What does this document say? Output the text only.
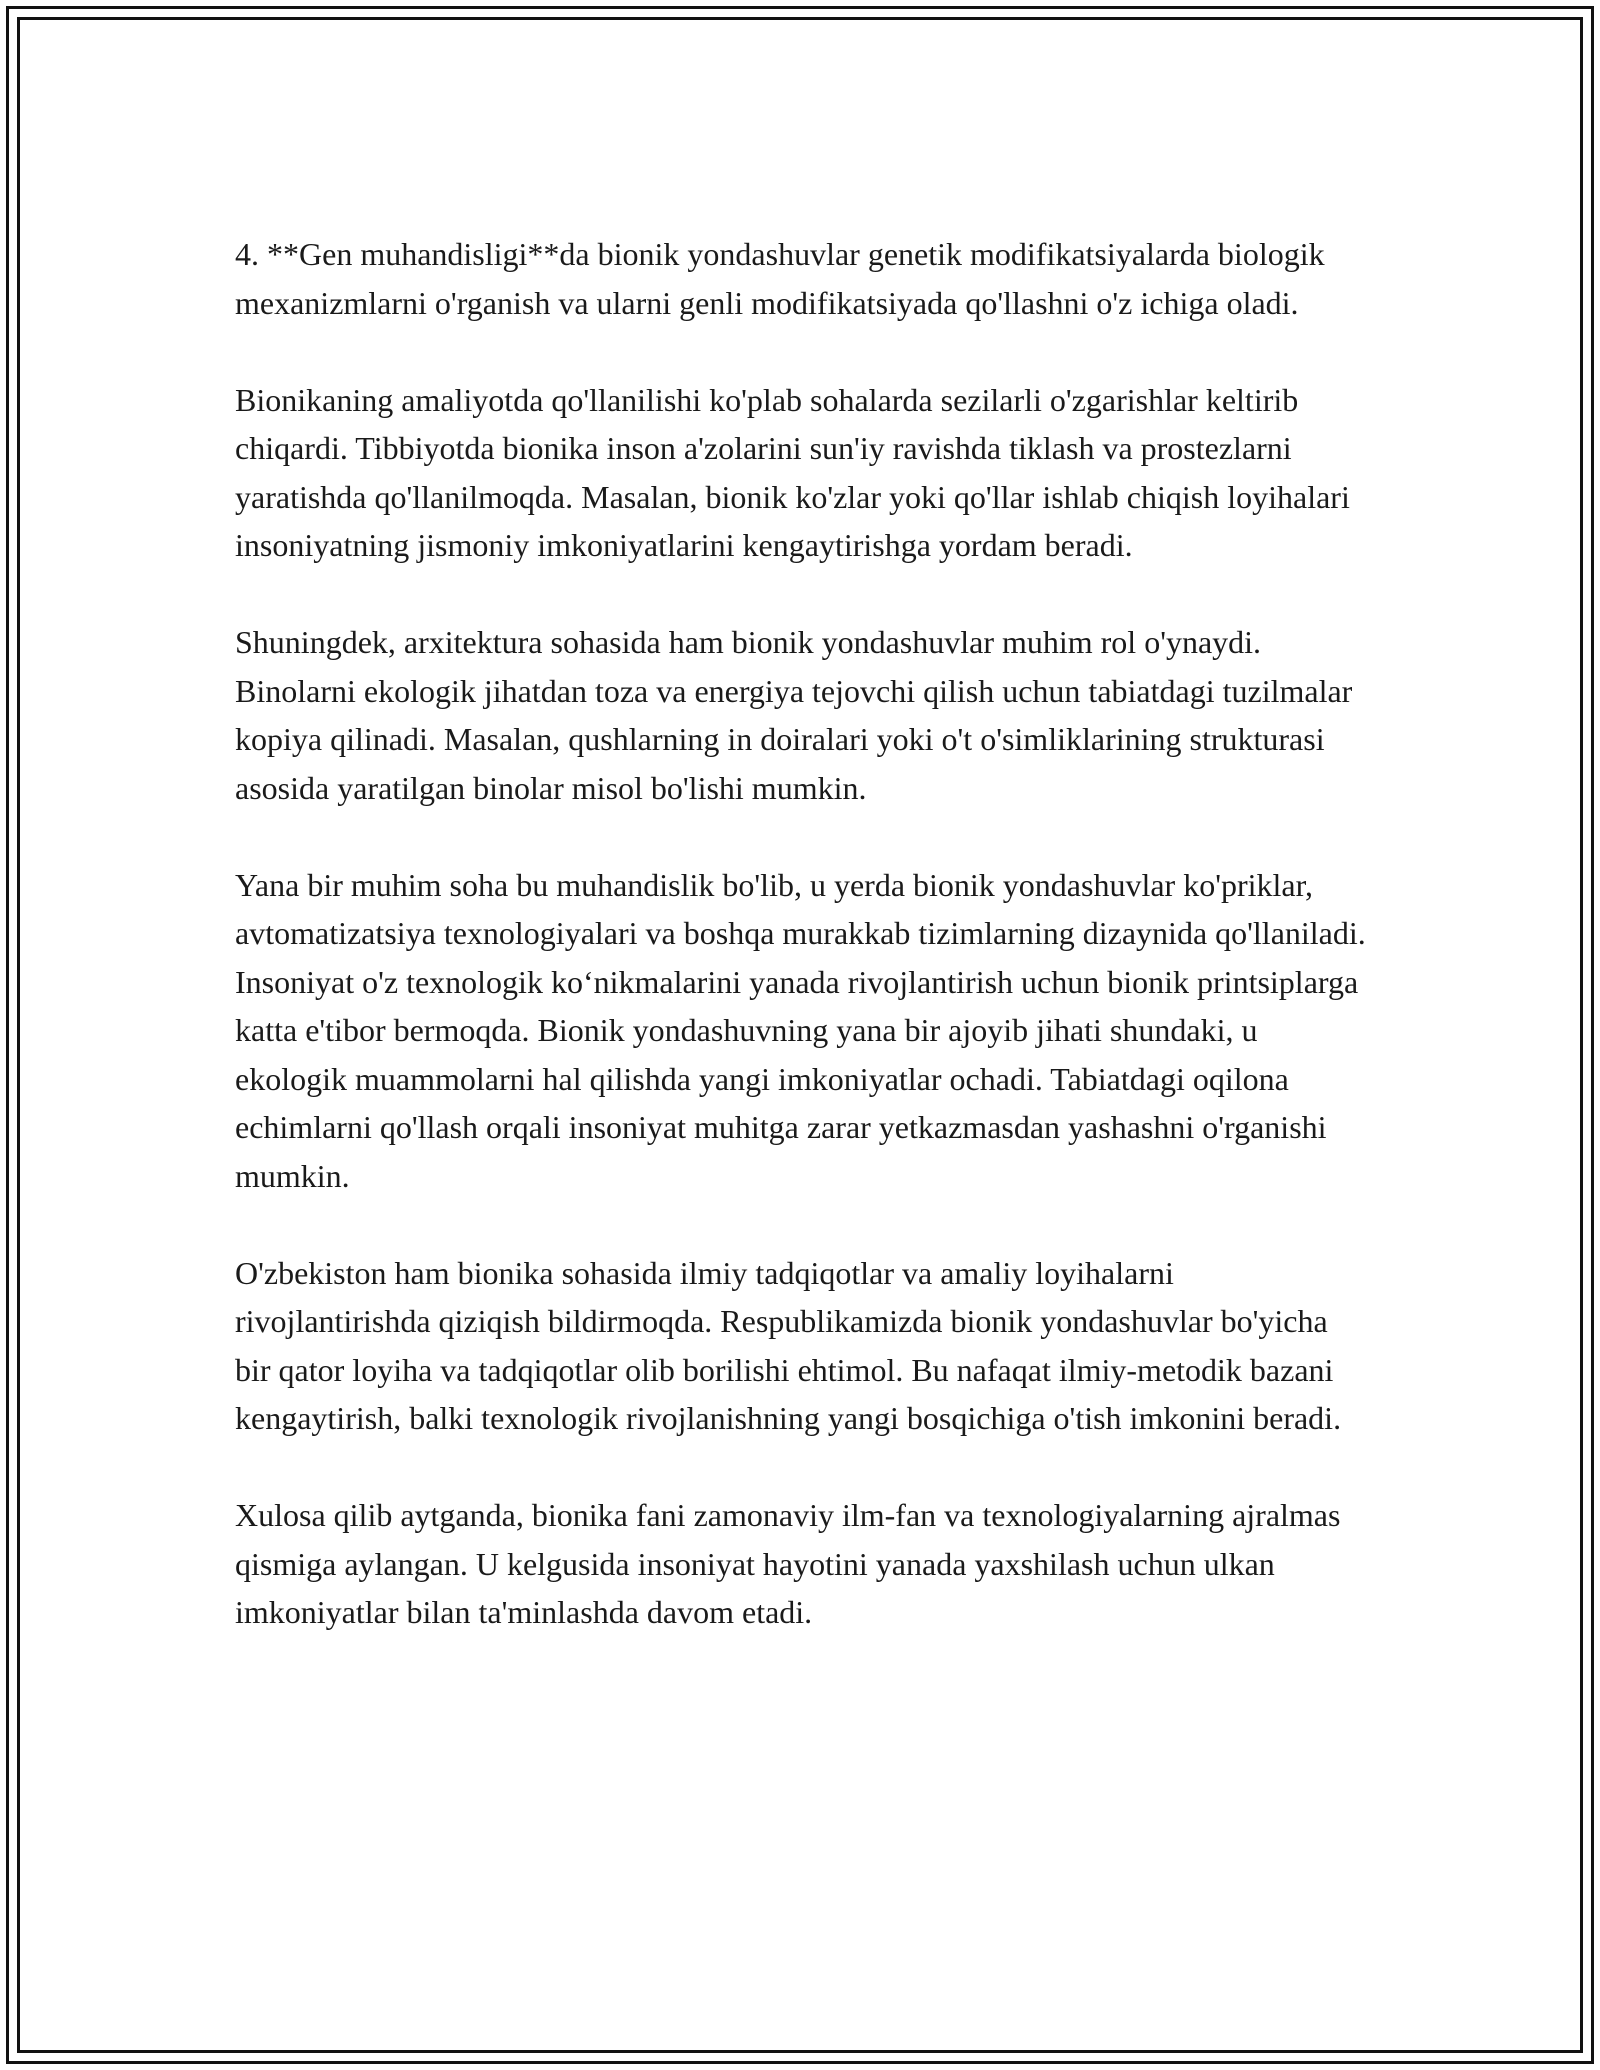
4. **Gen muhandisligi**da bionik yondashuvlar genetik modifikatsiyalarda biologik mexanizmlarni o'rganish va ularni genli modifikatsiyada qo'llashni o'z ichiga oladi.

Bionikaning amaliyotda qo'llanilishi ko'plab sohalarda sezilarli o'zgarishlar keltirib chiqardi. Tibbiyotda bionika inson a'zolarini sun'iy ravishda tiklash va prostezlarni yaratishda qo'llanilmoqda. Masalan, bionik ko'zlar yoki qo'llar ishlab chiqish loyihalari insoniyatning jismoniy imkoniyatlarini kengaytirishga yordam beradi.

Shuningdek, arxitektura sohasida ham bionik yondashuvlar muhim rol o'ynaydi. Binolarni ekologik jihatdan toza va energiya tejovchi qilish uchun tabiatdagi tuzilmalar kopiya qilinadi. Masalan, qushlarning in doiralari yoki o't o'simliklarining strukturasi asosida yaratilgan binolar misol bo'lishi mumkin.

Yana bir muhim soha bu muhandislik bo'lib, u yerda bionik yondashuvlar ko'priklar, avtomatizatsiya texnologiyalari va boshqa murakkab tizimlarning dizaynida qo'llaniladi. Insoniyat o'z texnologik ko‘nikmalarini yanada rivojlantirish uchun bionik printsiplarga katta e'tibor bermoqda. Bionik yondashuvning yana bir ajoyib jihati shundaki, u ekologik muammolarni hal qilishda yangi imkoniyatlar ochadi. Tabiatdagi oqilona echimlarni qo'llash orqali insoniyat muhitga zarar yetkazmasdan yashashni o'rganishi mumkin.

O'zbekiston ham bionika sohasida ilmiy tadqiqotlar va amaliy loyihalarni rivojlantirishda qiziqish bildirmoqda. Respublikamizda bionik yondashuvlar bo'yicha bir qator loyiha va tadqiqotlar olib borilishi ehtimol. Bu nafaqat ilmiy-metodik bazani kengaytirish, balki texnologik rivojlanishning yangi bosqichiga o'tish imkonini beradi.

Xulosa qilib aytganda, bionika fani zamonaviy ilm-fan va texnologiyalarning ajralmas qismiga aylangan. U kelgusida insoniyat hayotini yanada yaxshilash uchun ulkan imkoniyatlar bilan ta'minlashda davom etadi.
